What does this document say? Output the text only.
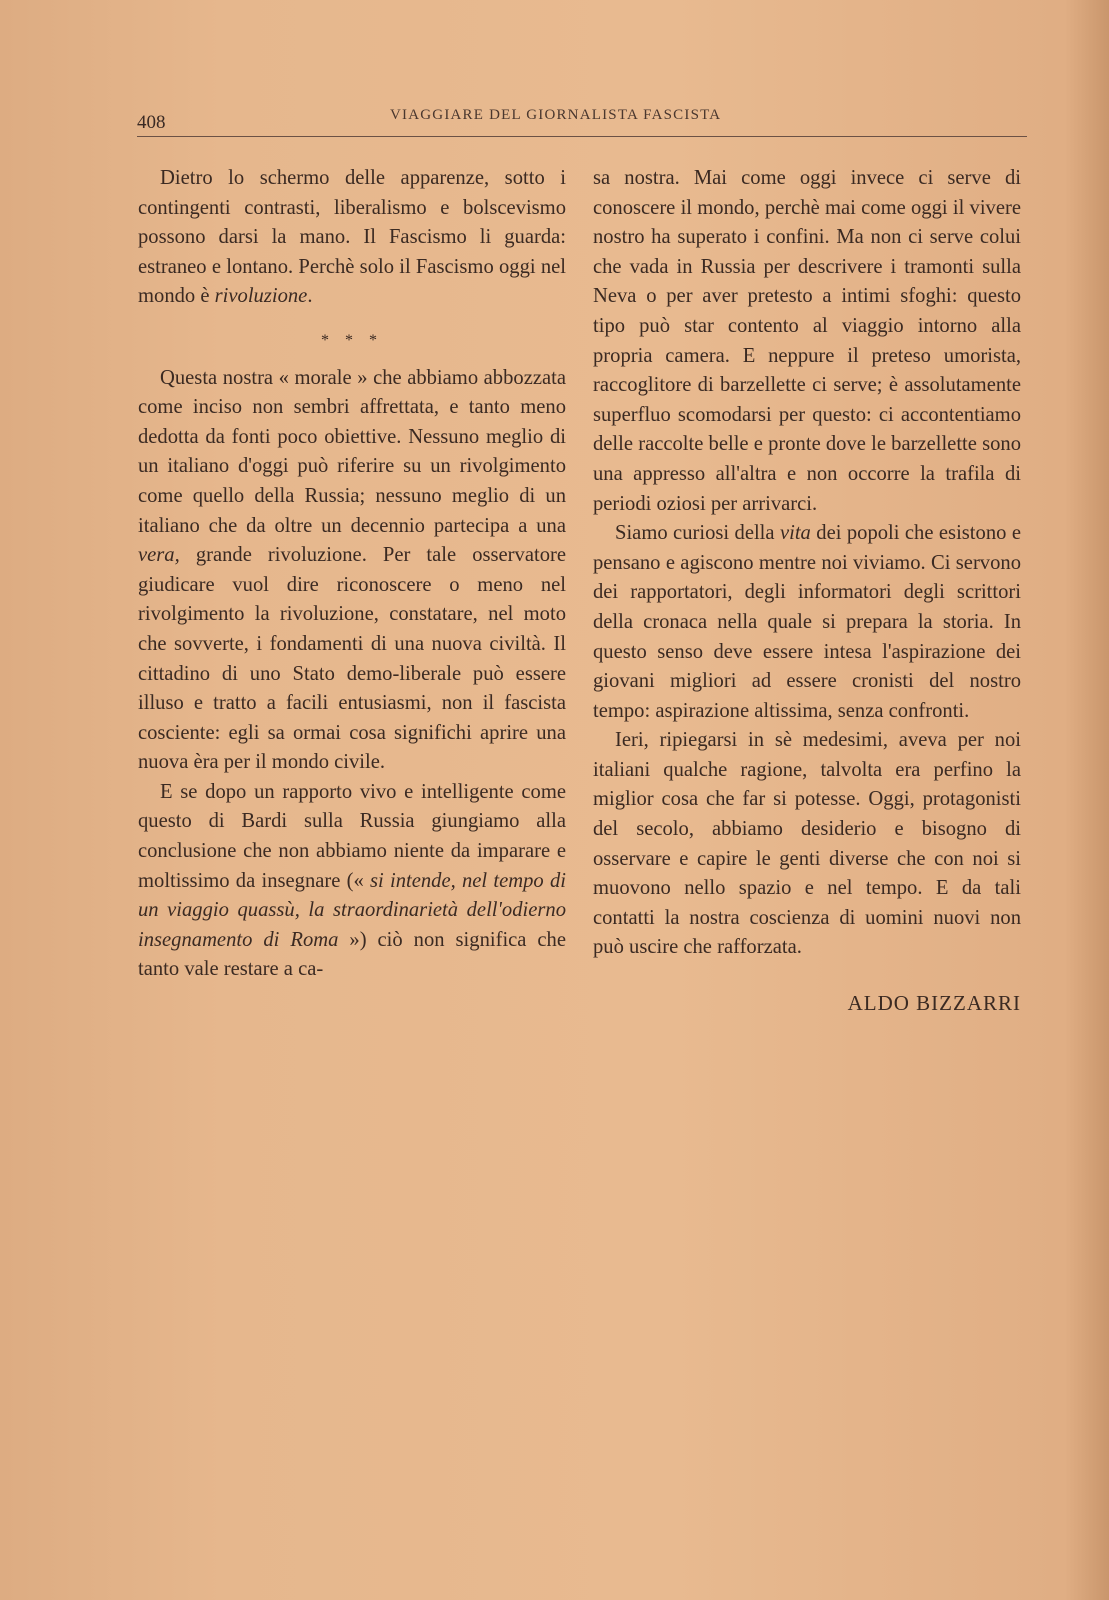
408	VIAGGIARE DEL GIORNALISTA FASCISTA

Dietro lo schermo delle apparenze, sotto i contingenti contrasti, liberalismo e bolscevismo possono darsi la mano. Il Fascismo li guarda: estraneo e lontano. Perchè solo il Fascismo oggi nel mondo è rivoluzione.

* * *

Questa nostra « morale » che abbiamo abbozzata come inciso non sembri affrettata, e tanto meno dedotta da fonti poco obiettive. Nessuno meglio di un italiano d'oggi può riferire su un rivolgimento come quello della Russia; nessuno meglio di un italiano che da oltre un decennio partecipa a una vera, grande rivoluzione. Per tale osservatore giudicare vuol dire riconoscere o meno nel rivolgimento la rivoluzione, constatare, nel moto che sovverte, i fondamenti di una nuova civiltà. Il cittadino di uno Stato demo-liberale può essere illuso e tratto a facili entusiasmi, non il fascista cosciente: egli sa ormai cosa significhi aprire una nuova èra per il mondo civile.

E se dopo un rapporto vivo e intelligente come questo di Bardi sulla Russia giungiamo alla conclusione che non abbiamo niente da imparare e moltissimo da insegnare (« si intende, nel tempo di un viaggio quassù, la straordinarietà dell'odierno insegnamento di Roma ») ciò non significa che tanto vale restare a ca-

sa nostra. Mai come oggi invece ci serve di conoscere il mondo, perchè mai come oggi il vivere nostro ha superato i confini. Ma non ci serve colui che vada in Russia per descrivere i tramonti sulla Neva o per aver pretesto a intimi sfoghi: questo tipo può star contento al viaggio intorno alla propria camera. E neppure il preteso umorista, raccoglitore di barzellette ci serve; è assolutamente superfluo scomodarsi per questo: ci accontentiamo delle raccolte belle e pronte dove le barzellette sono una appresso all'altra e non occorre la trafila di periodi oziosi per arrivarci.

Siamo curiosi della vita dei popoli che esistono e pensano e agiscono mentre noi viviamo. Ci servono dei rapportatori, degli informatori degli scrittori della cronaca nella quale si prepara la storia. In questo senso deve essere intesa l'aspirazione dei giovani migliori ad essere cronisti del nostro tempo: aspirazione altissima, senza confronti.

Ieri, ripiegarsi in sè medesimi, aveva per noi italiani qualche ragione, talvolta era perfino la miglior cosa che far si potesse. Oggi, protagonisti del secolo, abbiamo desiderio e bisogno di osservare e capire le genti diverse che con noi si muovono nello spazio e nel tempo. E da tali contatti la nostra coscienza di uomini nuovi non può uscire che rafforzata.

ALDO BIZZARRI
